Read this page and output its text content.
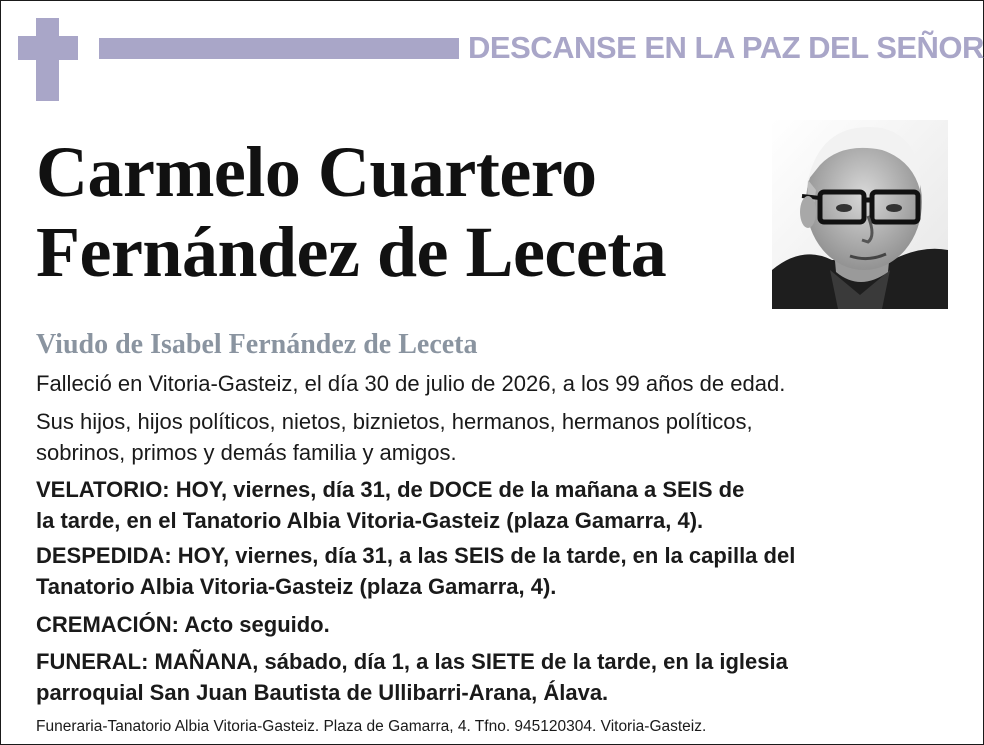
DESCANSE EN LA PAZ DEL SEÑOR
Carmelo Cuartero
Fernández de Leceta
Viudo de Isabel Fernández de Leceta
Falleció en Vitoria-Gasteiz, el día 30 de julio de 2026, a los 99 años de edad.
Sus hijos, hijos políticos, nietos, biznietos, hermanos, hermanos políticos,
sobrinos, primos y demás familia y amigos.
VELATORIO: HOY, viernes, día 31, de DOCE de la mañana a SEIS de
la tarde, en el Tanatorio Albia Vitoria-Gasteiz (plaza Gamarra, 4).
DESPEDIDA: HOY, viernes, día 31, a las SEIS de la tarde, en la capilla del
Tanatorio Albia Vitoria-Gasteiz (plaza Gamarra, 4).
CREMACIÓN: Acto seguido.
FUNERAL: MAÑANA, sábado, día 1, a las SIETE de la tarde, en la iglesia
parroquial San Juan Bautista de Ullibarri-Arana, Álava.
Funeraria-Tanatorio Albia Vitoria-Gasteiz. Plaza de Gamarra, 4. Tfno. 945120304. Vitoria-Gasteiz.
